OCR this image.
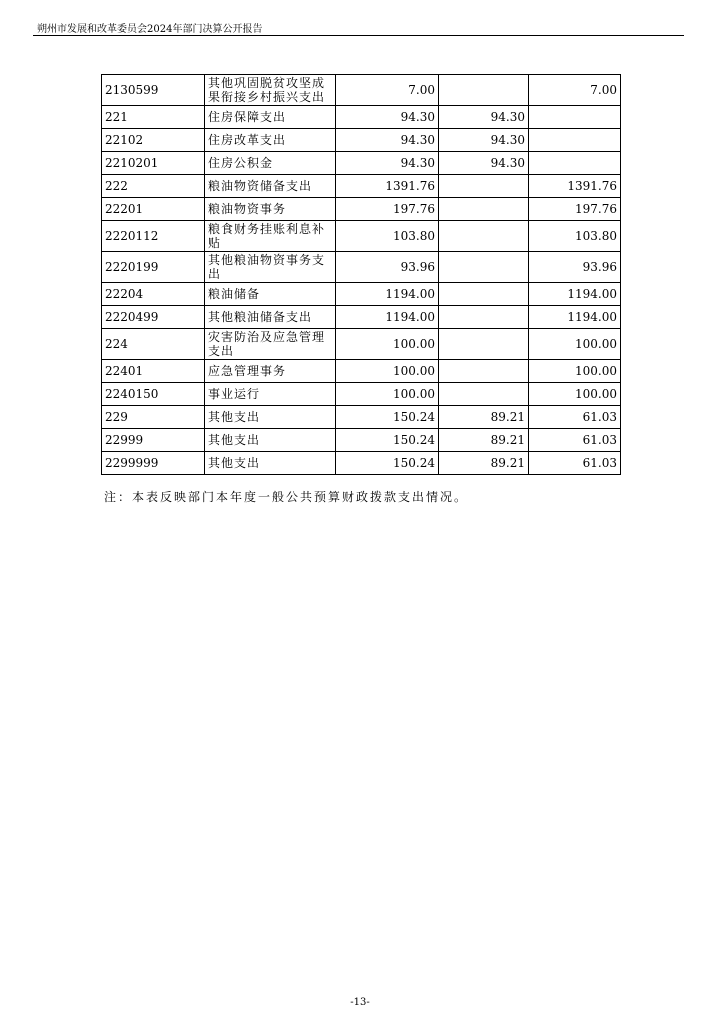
朔州市发展和改革委员会2024年部门决算公开报告
2130599	其他巩固脱贫攻坚成果衔接乡村振兴支出	7.00		7.00
221	住房保障支出	94.30	94.30	
22102	住房改革支出	94.30	94.30	
2210201	住房公积金	94.30	94.30	
222	粮油物资储备支出	1391.76		1391.76
22201	粮油物资事务	197.76		197.76
2220112	粮食财务挂账利息补贴	103.80		103.80
2220199	其他粮油物资事务支出	93.96		93.96
22204	粮油储备	1194.00		1194.00
2220499	其他粮油储备支出	1194.00		1194.00
224	灾害防治及应急管理支出	100.00		100.00
22401	应急管理事务	100.00		100.00
2240150	事业运行	100.00		100.00
229	其他支出	150.24	89.21	61.03
22999	其他支出	150.24	89.21	61.03
2299999	其他支出	150.24	89.21	61.03
注：本表反映部门本年度一般公共预算财政拨款支出情况。
-13-
